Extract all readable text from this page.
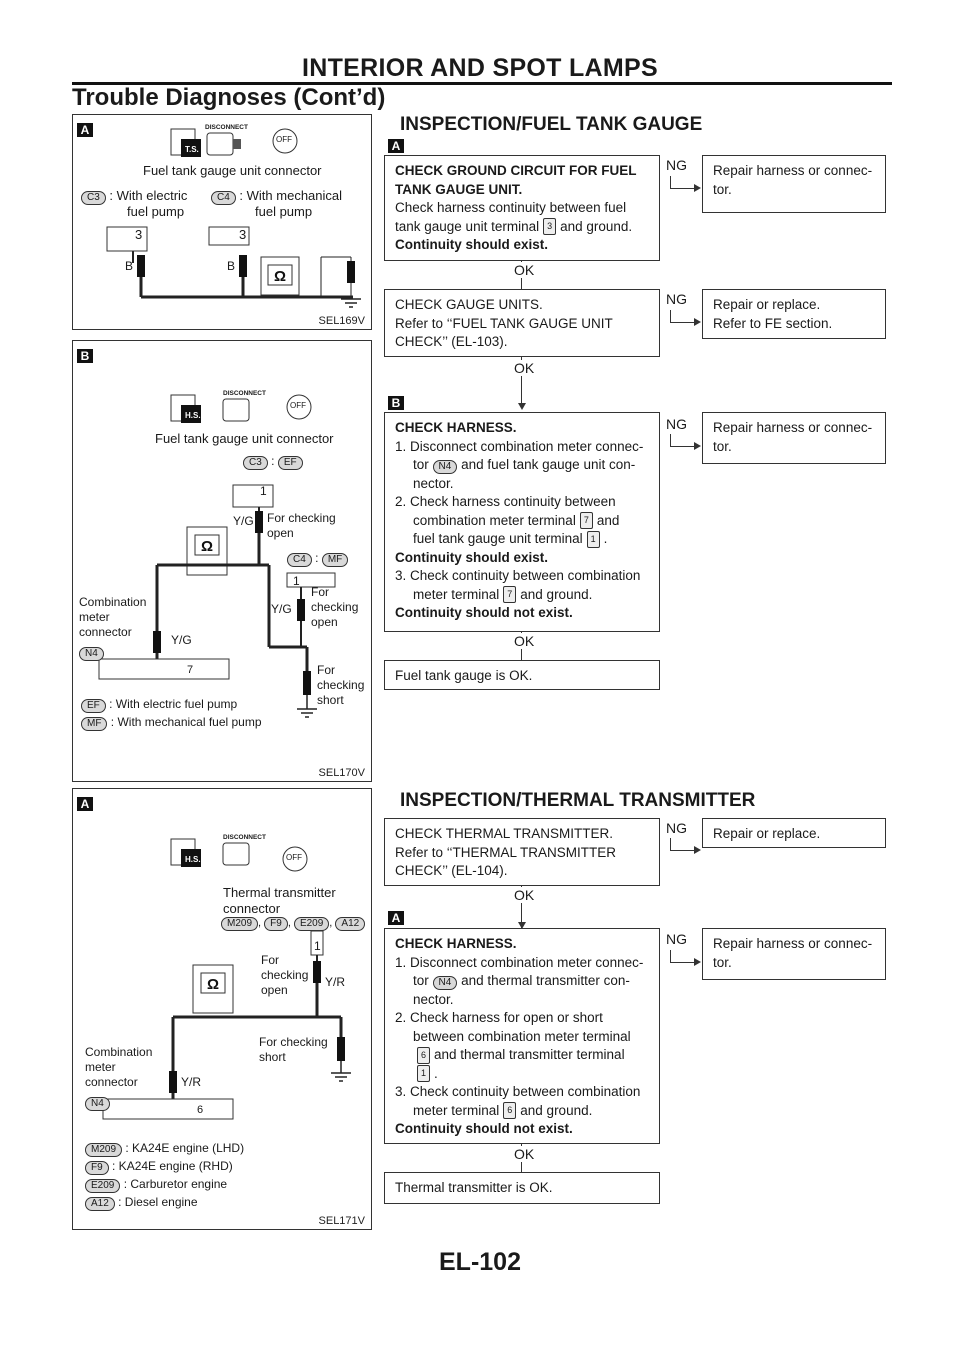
INTERIOR AND SPOT LAMPS
Trouble Diagnoses (Cont’d)
A
Ω
T.S.
DISCONNECT
OFF
Fuel tank gauge unit connector
C3 : With electric
fuel pump
C4 : With mechanical
fuel pump
3	3
B	B
SEL169V
B
Ω
H.S.
DISCONNECT
OFF
Fuel tank gauge unit connector
C3 : EF
1
Y/G For checking
open
C4 : MF
1
Y/G
For
checking
open
For
checking
short
Combination
meter
connector
Y/G
N4
7
EF : With electric fuel pump
MF : With mechanical fuel pump
SEL170V
A
Ω
H.S.
DISCONNECT
OFF
Thermal transmitter
connector
M209 , F9 , E209 , A12
1
For
checking
open
Y/R
For checking
short
Combination
meter
connector	Y/R
N4
6
M209 : KA24E engine (LHD)
F9 : KA24E engine (RHD)
E209 : Carburetor engine
A12 : Diesel engine
SEL171V
INSPECTION/FUEL TANK GAUGE
A
CHECK GROUND CIRCUIT FOR FUEL
TANK GAUGE UNIT.
Check harness continuity between fuel
tank gauge unit terminal 3 and ground.
Continuity should exist.
NG Repair harness or connec-
tor.
OK
CHECK GAUGE UNITS.
Refer to ‘‘FUEL TANK GAUGE UNIT
CHECK’’ (EL-103).
NG Repair or replace.
Refer to FE section.
OK
B
CHECK HARNESS.
1. Disconnect combination meter connec-
tor N4 and fuel tank gauge unit con-
nector.
2. Check harness continuity between
combination meter terminal 7 and
fuel tank gauge unit terminal 1 .
Continuity should exist.
3. Check continuity between combination
meter terminal 7 and ground.
Continuity should not exist.
NG Repair harness or connec-
tor.
OK
Fuel tank gauge is OK.
INSPECTION/THERMAL TRANSMITTER
CHECK THERMAL TRANSMITTER.
Refer to ‘‘THERMAL TRANSMITTER
CHECK’’ (EL-104).
NG Repair or replace.
OK
A
CHECK HARNESS.
1. Disconnect combination meter connec-
tor N4 and thermal transmitter con-
nector.
2. Check harness for open or short
between combination meter terminal
6 and thermal transmitter terminal
1 .
3. Check continuity between combination
meter terminal 6 and ground.
Continuity should not exist.
NG Repair harness or connec-
tor.
OK
Thermal transmitter is OK.
EL-102
